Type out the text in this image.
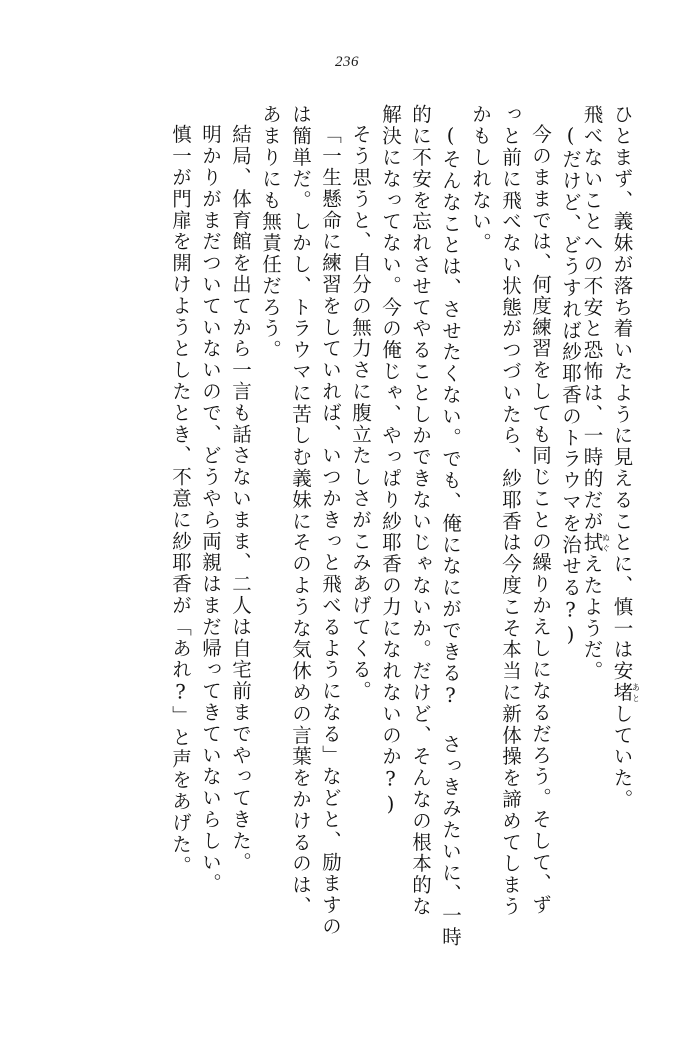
236
ひとまず、義妹が落ち着いたように見えることに、慎一は安堵あとしていた。
飛べないことへの不安と恐怖は、一時的だが拭ぬぐえたようだ。
(だけど、どうすれば紗耶香のトラウマを治せる?)
今のままでは、何度練習をしても同じことの繰りかえしになるだろう。そして、ず
っと前に飛べない状態がつづいたら、紗耶香は今度こそ本当に新体操を諦めてしまう
かもしれない。
(そんなことは、させたくない。でも、俺になにができる? さっきみたいに、一時
的に不安を忘れさせてやることしかできないじゃないか。だけど、そんなの根本的な
解決になってない。今の俺じゃ、やっぱり紗耶香の力になれないのか?)
そう思うと、自分の無力さに腹立たしさがこみあげてくる。
「一生懸命に練習をしていれば、いつかきっと飛べるようになる」などと、励ますの
は簡単だ。しかし、トラウマに苦しむ義妹にそのような気休めの言葉をかけるのは、
あまりにも無責任だろう。
結局、体育館を出てから一言も話さないまま、二人は自宅前までやってきた。
明かりがまだついていないので、どうやら両親はまだ帰ってきていないらしい。
慎一が門扉を開けようとしたとき、不意に紗耶香が「あれ?」と声をあげた。
